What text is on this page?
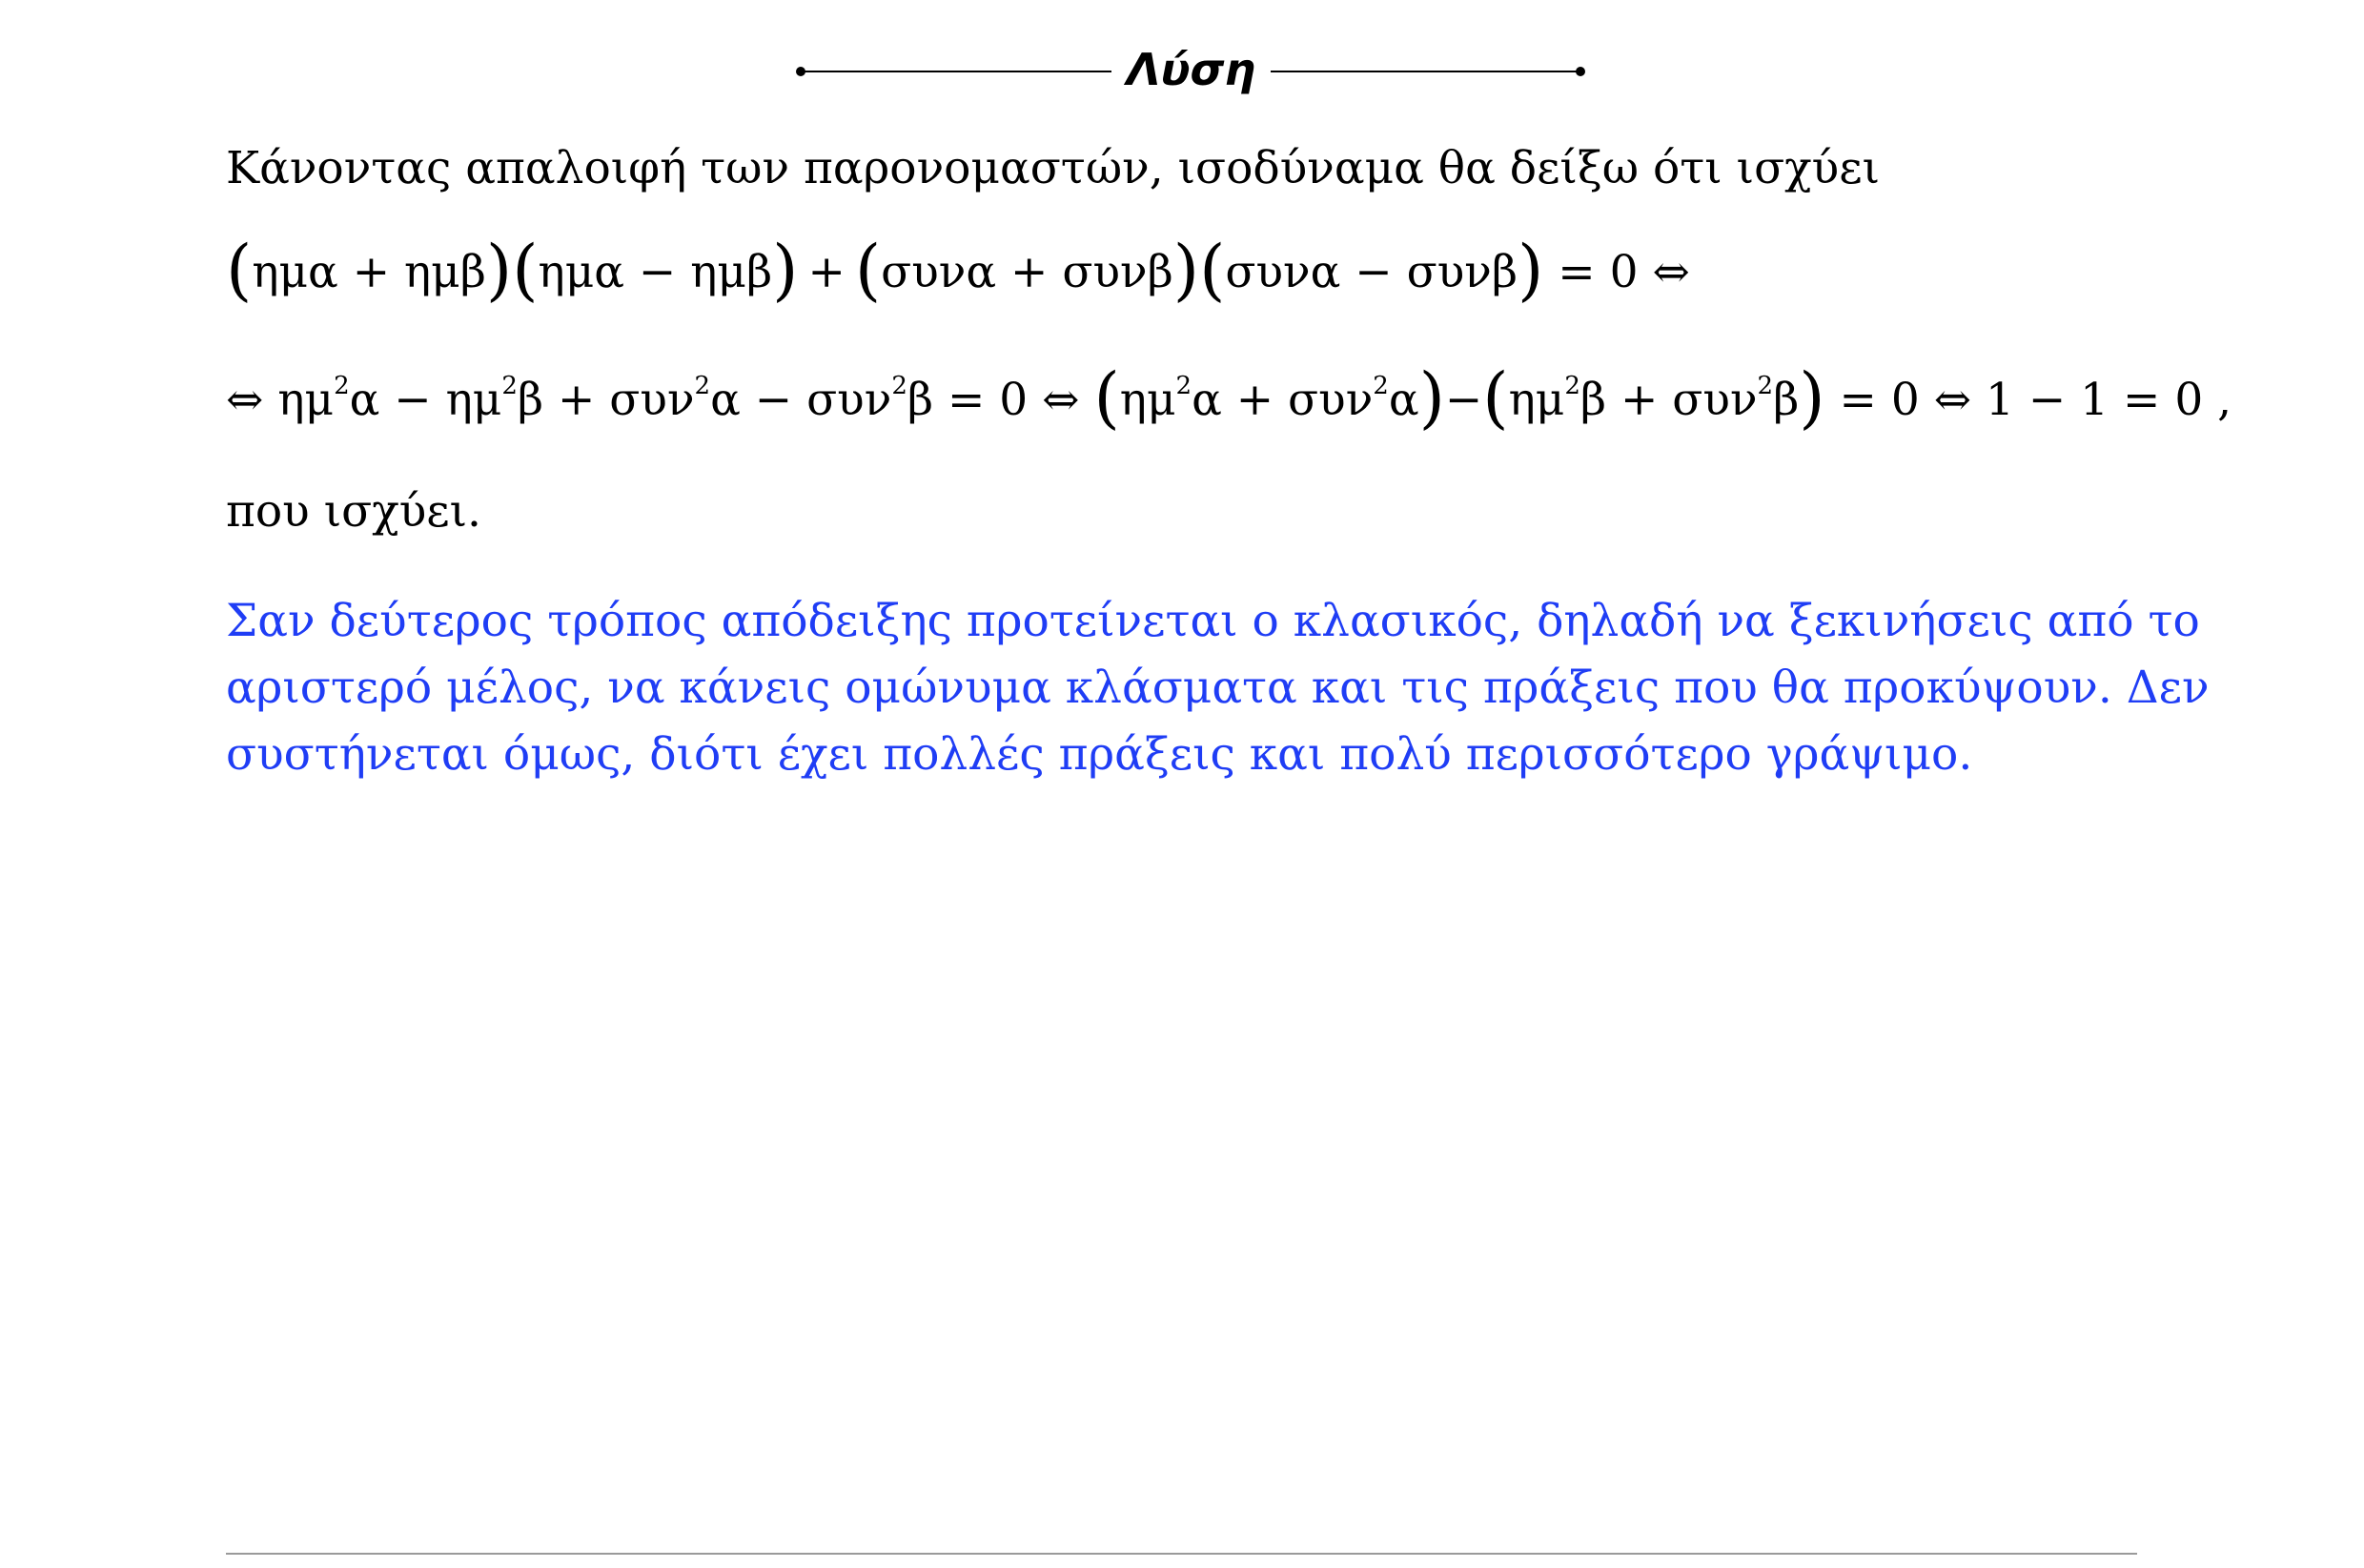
Λύση
Κάνοντας απαλοιφή των παρονομαστών, ισοδύναμα θα δείξω ότι ισχύει
(ημα + ημβ)(ημα − ημβ) + (συνα + συνβ)(συνα − συνβ) = 0 ⇔
⇔ $\eta\mu^2\alpha - \eta\mu^2\beta + \sigma\upsilon\nu^2\alpha - \sigma\upsilon\nu^2\beta = 0$ ⇔ $(\eta\mu^2\alpha + \sigma\upsilon\nu^2\alpha)-(\eta\mu^2\beta + \sigma\upsilon\nu^2\beta) = 0$ ⇔ 1 − 1 = 0 ,
που ισχύει.
Σαν δεύτερος τρόπος απόδειξης προτείνεται ο κλασικός, δηλαδή να ξεκινήσεις από το
αριστερό μέλος, να κάνεις ομώνυμα κλάσματα και τις πράξεις που θα προκύψουν. Δεν
συστήνεται όμως, διότι έχει πολλές πράξεις και πολύ περισσότερο γράψιμο.
